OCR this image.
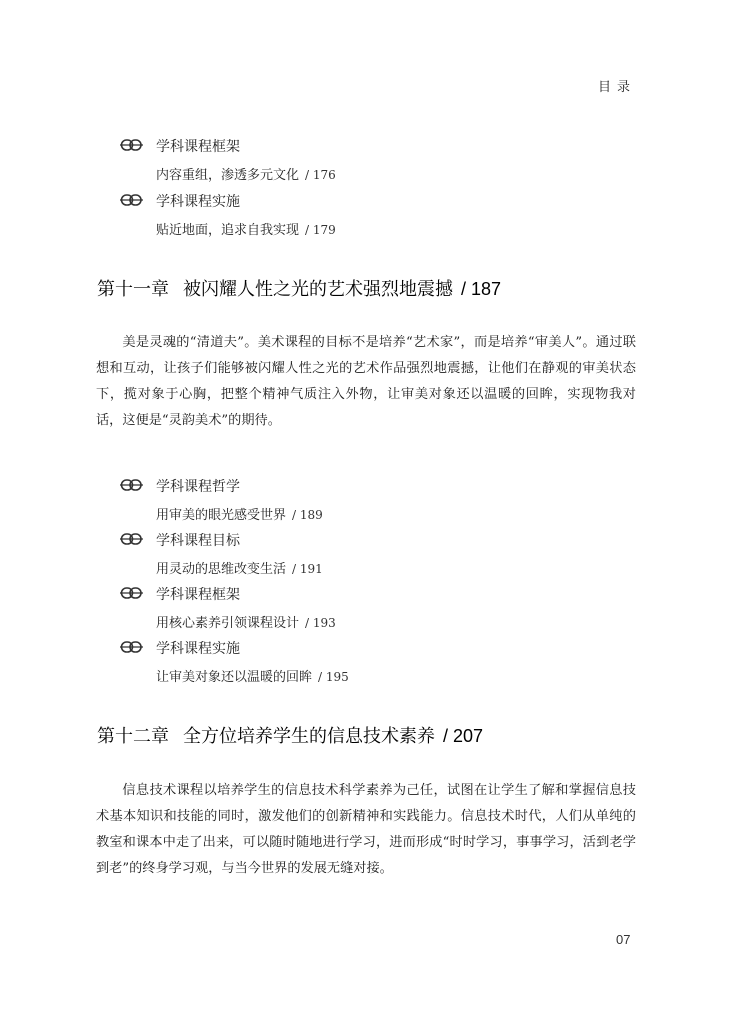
目录
学科课程框架
内容重组，渗透多元文化 / 176
学科课程实施
贴近地面，追求自我实现 / 179
第十一章 被闪耀人性之光的艺术强烈地震撼 / 187

美是灵魂的“清道夫”。美术课程的目标不是培养“艺术家”，而是培养“审美人”。通过联想和互动，让孩子们能够被闪耀人性之光的艺术作品强烈地震撼，让他们在静观的审美状态下，揽对象于心胸，把整个精神气质注入外物，让审美对象还以温暖的回眸，实现物我对话，这便是“灵韵美术”的期待。

学科课程哲学
用审美的眼光感受世界 / 189
学科课程目标
用灵动的思维改变生活 / 191
学科课程框架
用核心素养引领课程设计 / 193
学科课程实施
让审美对象还以温暖的回眸 / 195
第十二章 全方位培养学生的信息技术素养 / 207

信息技术课程以培养学生的信息技术科学素养为己任，试图在让学生了解和掌握信息技术基本知识和技能的同时，激发他们的创新精神和实践能力。信息技术时代，人们从单纯的教室和课本中走了出来，可以随时随地进行学习，进而形成“时时学习，事事学习，活到老学到老”的终身学习观，与当今世界的发展无缝对接。

07
